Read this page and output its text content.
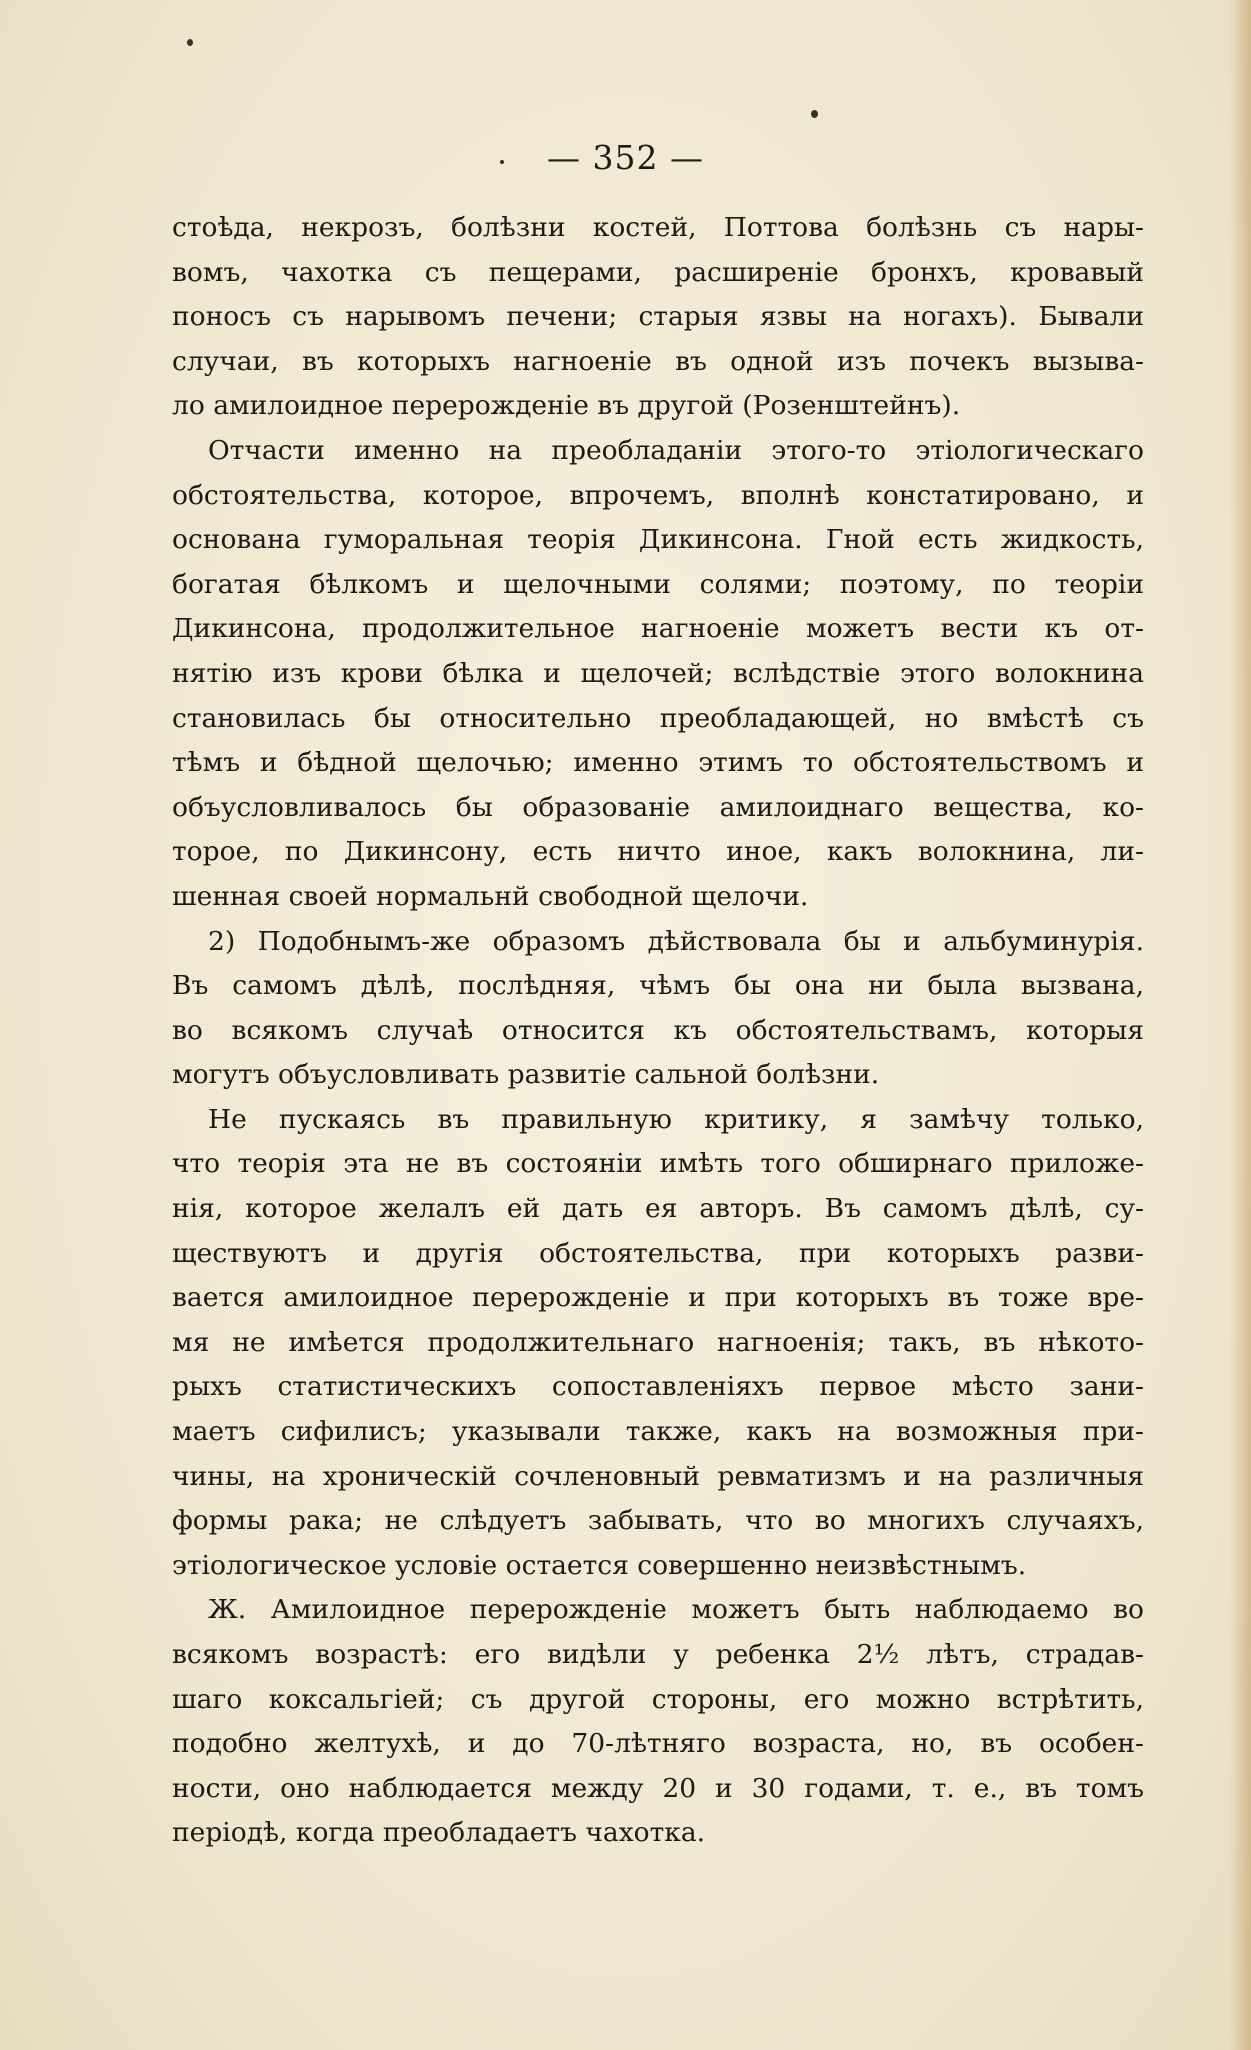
— 352 —
стоѣда, некрозъ, болѣзни костей, Поттова болѣзнь съ нары-
вомъ, чахотка съ пещерами, расширеніе бронхъ, кровавый
поносъ съ нарывомъ печени; старыя язвы на ногахъ). Бывали
случаи, въ которыхъ нагноеніе въ одной изъ почекъ вызыва-
ло амилоидное перерожденіе въ другой (Розенштейнъ).
Отчасти именно на преобладаніи этого-то этіологическаго
обстоятельства, которое, впрочемъ, вполнѣ констатировано, и
основана гуморальная теорія Дикинсона. Гной есть жидкость,
богатая бѣлкомъ и щелочными солями; поэтому, по теоріи
Дикинсона, продолжительное нагноеніе можетъ вести къ от-
нятію изъ крови бѣлка и щелочей; вслѣдствіе этого волокнина
становилась бы относительно преобладающей, но вмѣстѣ съ
тѣмъ и бѣдной щелочью; именно этимъ то обстоятельствомъ и
объусловливалось бы образованіе амилоиднаго вещества, ко-
торое, по Дикинсону, есть ничто иное, какъ волокнина, ли-
шенная своей нормальнй свободной щелочи.
2) Подобнымъ-же образомъ дѣйствовала бы и альбуминурія.
Въ самомъ дѣлѣ, послѣдняя, чѣмъ бы она ни была вызвана,
во всякомъ случаѣ относится къ обстоятельствамъ, которыя
могутъ объусловливать развитіе сальной болѣзни.
Не пускаясь въ правильную критику, я замѣчу только,
что теорія эта не въ состояніи имѣть того обширнаго приложе-
нія, которое желалъ ей дать ея авторъ. Въ самомъ дѣлѣ, су-
ществуютъ и другія обстоятельства, при которыхъ разви-
вается амилоидное перерожденіе и при которыхъ въ тоже вре-
мя не имѣется продолжительнаго нагноенія; такъ, въ нѣкото-
рыхъ статистическихъ сопоставленіяхъ первое мѣсто зани-
маетъ сифилисъ; указывали также, какъ на возможныя при-
чины, на хроническій сочленовный ревматизмъ и на различныя
формы рака; не слѣдуетъ забывать, что во многихъ случаяхъ,
этіологическое условіе остается совершенно неизвѣстнымъ.
Ж. Амилоидное перерожденіе можетъ быть наблюдаемо во
всякомъ возрастѣ: его видѣли у ребенка 2½ лѣтъ, страдав-
шаго коксальгіей; съ другой стороны, его можно встрѣтить,
подобно желтухѣ, и до 70-лѣтняго возраста, но, въ особен-
ности, оно наблюдается между 20 и 30 годами, т. е., въ томъ
періодѣ, когда преобладаетъ чахотка.
